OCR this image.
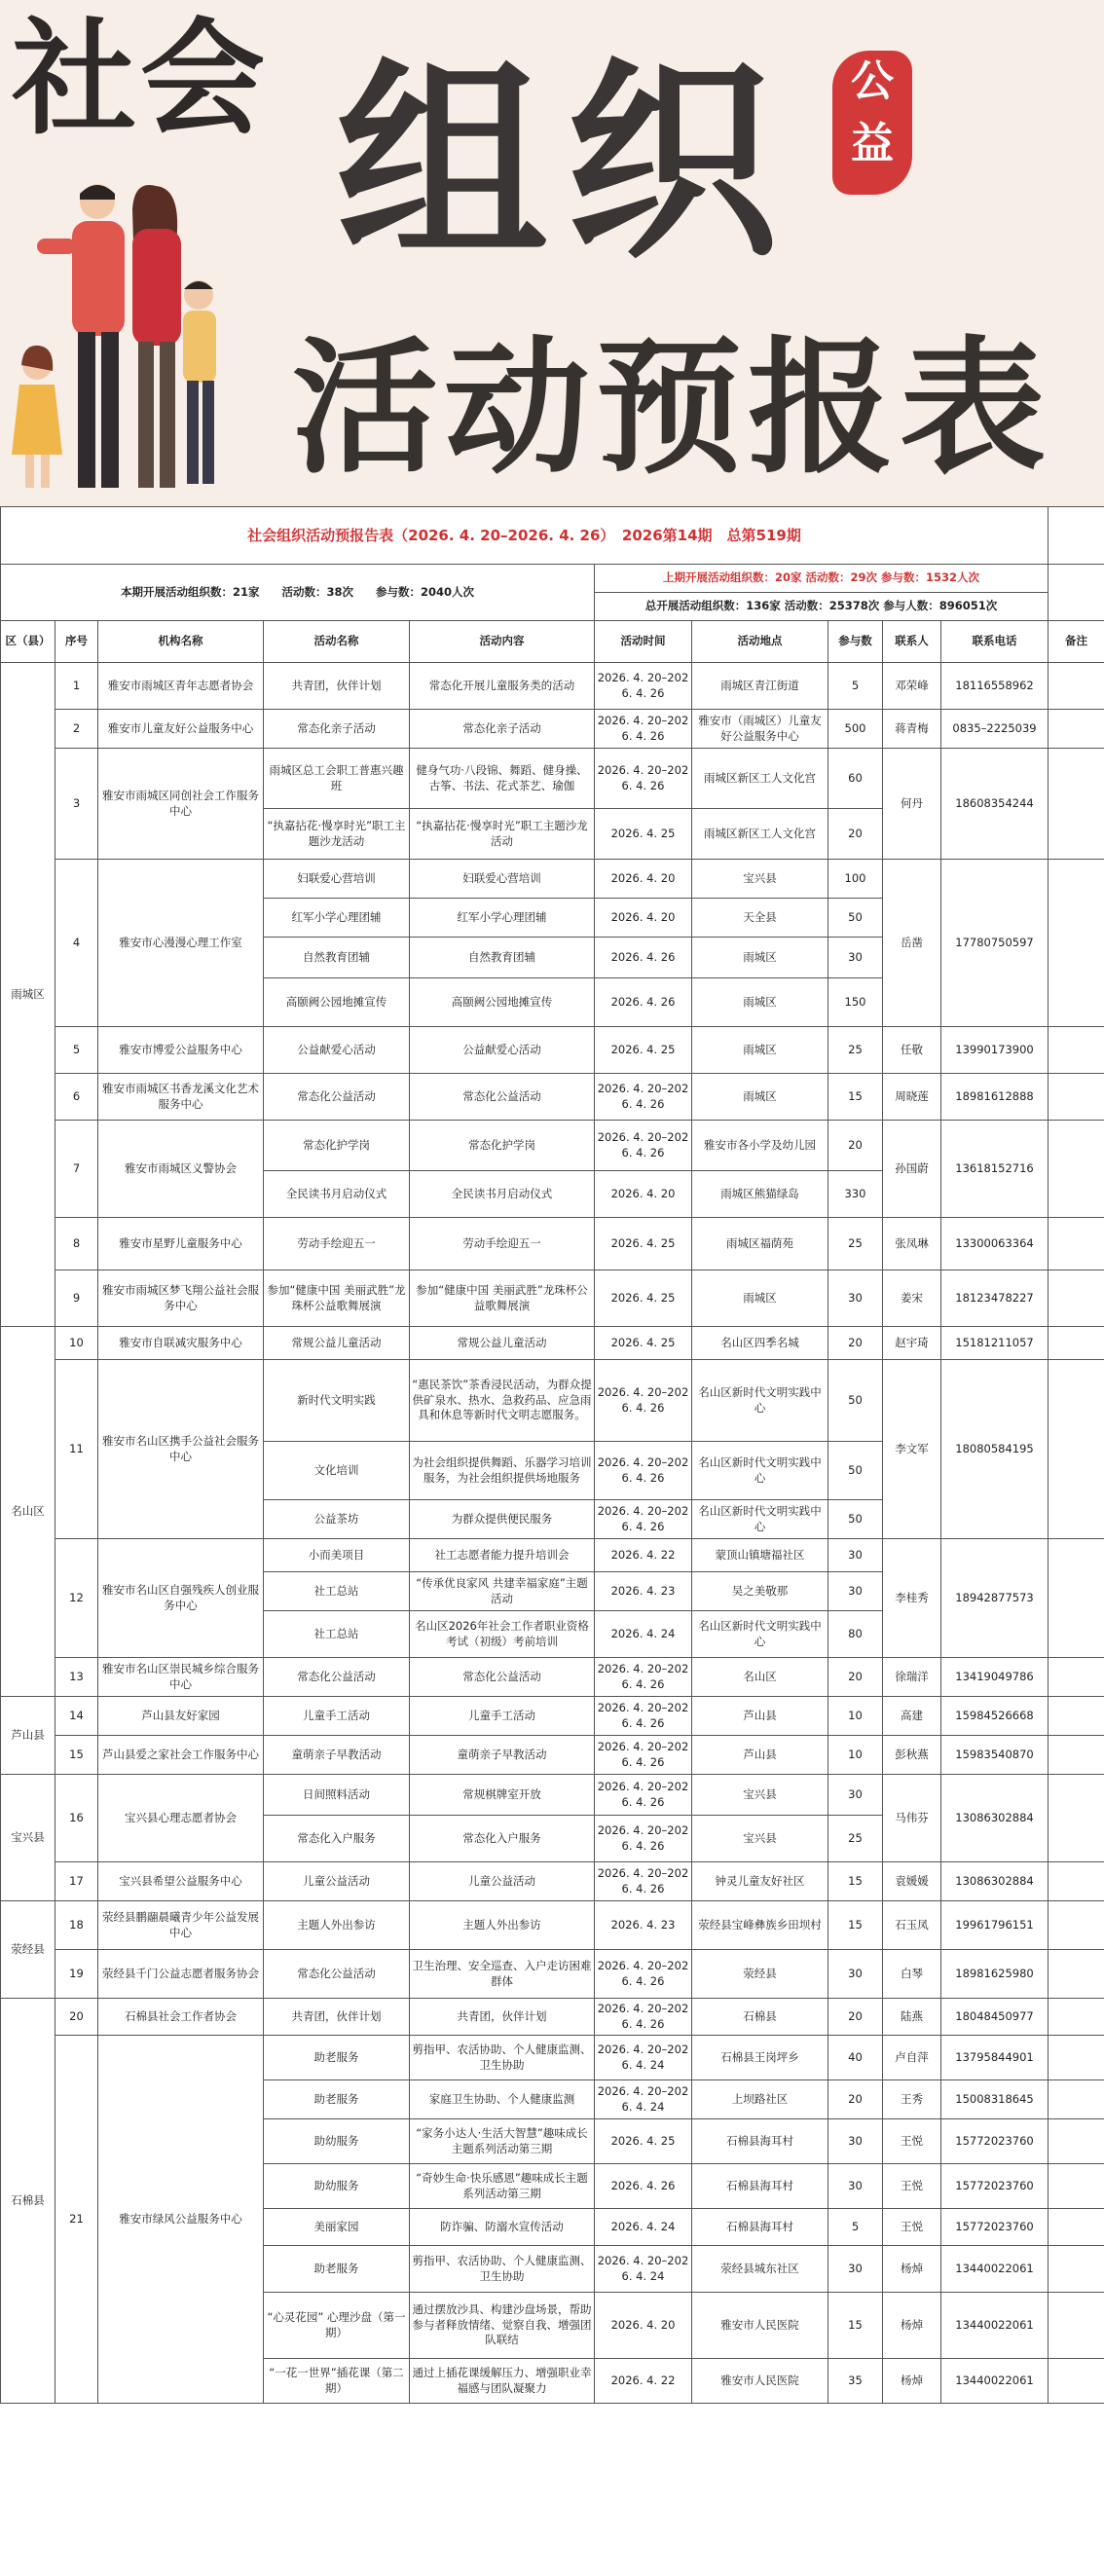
社会 组织
活动预报表
公
益
社会组织活动预报告表（2026. 4. 20–2026. 4. 26）　2026第14期　总第519期										
本期开展活动组织数：21家　　活动数：38次　　参与数：2040人次					上期开展活动组织数：20家 活动数：29次 参与数：1532人次					
					总开展活动组织数：136家 活动数：25378次 参与人数：896051次					
区（县）	序号	机构名称	活动名称	活动内容	活动时间	活动地点	参与数	联系人	联系电话	备注
雨城区	1	雅安市雨城区青年志愿者协会	共青团，伙伴计划	常态化开展儿童服务类的活动	2026. 4. 20–2026. 4. 26	雨城区青江街道	5	邓荣峰	18116558962	
	2	雅安市儿童友好公益服务中心	常态化亲子活动	常态化亲子活动	2026. 4. 20–2026. 4. 26	雅安市（雨城区）儿童友好公益服务中心	500	蒋青梅	0835–2225039	
	3	雅安市雨城区同创社会工作服务中心	雨城区总工会职工普惠兴趣班	健身气功·八段锦、舞蹈、健身操、古筝、书法、花式茶艺、瑜伽	2026. 4. 20–2026. 4. 26	雨城区新区工人文化宫	60	何丹	18608354244	
			“执嘉拈花·慢享时光”职工主题沙龙活动	“执嘉拈花·慢享时光”职工主题沙龙活动	2026. 4. 25	雨城区新区工人文化宫	20			
	4	雅安市心漫漫心理工作室	妇联爱心营培训	妇联爱心营培训	2026. 4. 20	宝兴县	100	岳凿	17780750597	
			红军小学心理团辅	红军小学心理团辅	2026. 4. 20	天全县	50			
			自然教育团辅	自然教育团辅	2026. 4. 26	雨城区	30			
			高颐阙公园地摊宣传	高颐阙公园地摊宣传	2026. 4. 26	雨城区	150			
	5	雅安市博爱公益服务中心	公益献爱心活动	公益献爱心活动	2026. 4. 25	雨城区	25	任敬	13990173900	
	6	雅安市雨城区书香龙溪文化艺术服务中心	常态化公益活动	常态化公益活动	2026. 4. 20–2026. 4. 26	雨城区	15	周晓莲	18981612888	
	7	雅安市雨城区义警协会	常态化护学岗	常态化护学岗	2026. 4. 20–2026. 4. 26	雅安市各小学及幼儿园	20	孙国蔚	13618152716	
			全民读书月启动仪式	全民读书月启动仪式	2026. 4. 20	雨城区熊猫绿岛	330			
	8	雅安市星野儿童服务中心	劳动手绘迎五一	劳动手绘迎五一	2026. 4. 25	雨城区福荫苑	25	张凤琳	13300063364	
	9	雅安市雨城区梦飞翔公益社会服务中心	参加“健康中国 美丽武胜”龙珠杯公益歌舞展演	参加“健康中国 美丽武胜”龙珠杯公益歌舞展演	2026. 4. 25	雨城区	30	姜宋	18123478227	
名山区	10	雅安市自联减灾服务中心	常规公益儿童活动	常规公益儿童活动	2026. 4. 25	名山区四季名城	20	赵宇琦	15181211057	
	11	雅安市名山区携手公益社会服务中心	新时代文明实践	“惠民茶饮”茶香浸民活动，为群众提供矿泉水、热水、急救药品、应急雨具和休息等新时代文明志愿服务。	2026. 4. 20–2026. 4. 26	名山区新时代文明实践中心	50	李文军	18080584195	
			文化培训	为社会组织提供舞蹈、乐器学习培训服务，为社会组织提供场地服务	2026. 4. 20–2026. 4. 26	名山区新时代文明实践中心	50			
			公益茶坊	为群众提供便民服务	2026. 4. 20–2026. 4. 26	名山区新时代文明实践中心	50			
	12	雅安市名山区自强残疾人创业服务中心	小而美项目	社工志愿者能力提升培训会	2026. 4. 22	蒙顶山镇塘福社区	30	李桂秀	18942877573	
			社工总站	“传承优良家风 共建幸福家庭”主题活动	2026. 4. 23	吴之美敬那	30			
			社工总站	名山区2026年社会工作者职业资格考试（初级）考前培训	2026. 4. 24	名山区新时代文明实践中心	80			
	13	雅安市名山区崇民城乡综合服务中心	常态化公益活动	常态化公益活动	2026. 4. 20–2026. 4. 26	名山区	20	徐瑞洋	13419049786	
芦山县	14	芦山县友好家园	儿童手工活动	儿童手工活动	2026. 4. 20–2026. 4. 26	芦山县	10	高建	15984526668	
	15	芦山县爱之家社会工作服务中心	童萌亲子早教活动	童萌亲子早教活动	2026. 4. 20–2026. 4. 26	芦山县	10	彭秋燕	15983540870	
宝兴县	16	宝兴县心理志愿者协会	日间照料活动	常规棋牌室开放	2026. 4. 20–2026. 4. 26	宝兴县	30	马伟芬	13086302884	
			常态化入户服务	常态化入户服务	2026. 4. 20–2026. 4. 26	宝兴县	25			
	17	宝兴县希望公益服务中心	儿童公益活动	儿童公益活动	2026. 4. 20–2026. 4. 26	钟灵儿童友好社区	15	袁媛媛	13086302884	
荥经县	18	荥经县鹏翮晨曦青少年公益发展中心	主题人外出参访	主题人外出参访	2026. 4. 23	荥经县宝峰彝族乡田坝村	15	石玉凤	19961796151	
	19	荥经县千门公益志愿者服务协会	常态化公益活动	卫生治理、安全巡查、入户走访困难群体	2026. 4. 20–2026. 4. 26	荥经县	30	白琴	18981625980	
石棉县	20	石棉县社会工作者协会	共青团，伙伴计划	共青团，伙伴计划	2026. 4. 20–2026. 4. 26	石棉县	20	陆燕	18048450977	
	21	雅安市绿风公益服务中心	助老服务	剪指甲、农活协助、个人健康监测、卫生协助	2026. 4. 20–2026. 4. 24	石棉县王岗坪乡	40	卢自萍	13795844901	
			助老服务	家庭卫生协助、个人健康监测	2026. 4. 20–2026. 4. 24	上坝路社区	20	王秀	15008318645	
			助幼服务	“家务小达人·生活大智慧”趣味成长主题系列活动第三期	2026. 4. 25	石棉县海耳村	30	王悦	15772023760	
			助幼服务	“奇妙生命·快乐感恩”趣味成长主题系列活动第三期	2026. 4. 26	石棉县海耳村	30	王悦	15772023760	
			美丽家园	防诈骗、防溺水宣传活动	2026. 4. 24	石棉县海耳村	5	王悦	15772023760	
			助老服务	剪指甲、农活协助、个人健康监测、卫生协助	2026. 4. 20–2026. 4. 24	荥经县城东社区	30	杨焯	13440022061	
			“心灵花园” 心理沙盘（第一期）	通过摆放沙具、构建沙盘场景，帮助参与者释放情绪、觉察自我、增强团队联结	2026. 4. 20	雅安市人民医院	15	杨焯	13440022061	
			“一花一世界”插花课（第二期）	通过上插花课缓解压力、增强职业幸福感与团队凝聚力	2026. 4. 22	雅安市人民医院	35	杨焯	13440022061	
